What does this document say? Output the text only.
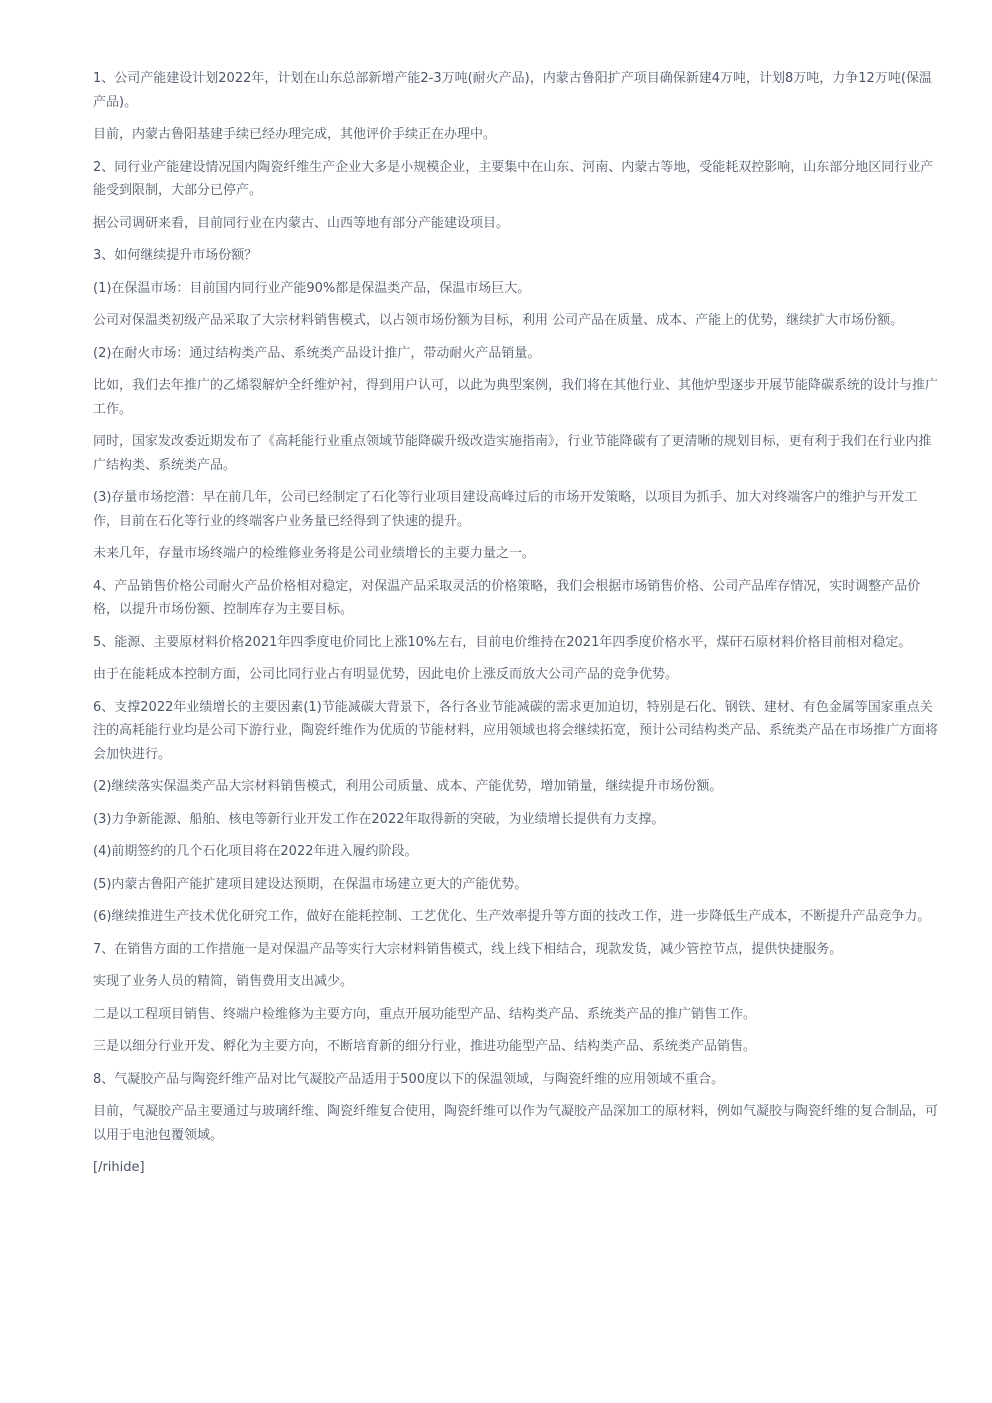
1、公司产能建设计划2022年，计划在山东总部新增产能2-3万吨(耐火产品)，内蒙古鲁阳扩产项目确保新建4万吨，计划8万吨，力争12万吨(保温产品)。

目前，内蒙古鲁阳基建手续已经办理完成，其他评价手续正在办理中。

2、同行业产能建设情况国内陶瓷纤维生产企业大多是小规模企业，主要集中在山东、河南、内蒙古等地，受能耗双控影响，山东部分地区同行业产能受到限制，大部分已停产。

据公司调研来看，目前同行业在内蒙古、山西等地有部分产能建设项目。

3、如何继续提升市场份额？

(1)在保温市场：目前国内同行业产能90%都是保温类产品，保温市场巨大。

公司对保温类初级产品采取了大宗材料销售模式，以占领市场份额为目标，利用 公司产品在质量、成本、产能上的优势，继续扩大市场份额。

(2)在耐火市场：通过结构类产品、系统类产品设计推广，带动耐火产品销量。

比如，我们去年推广的乙烯裂解炉全纤维炉衬，得到用户认可，以此为典型案例，我们将在其他行业、其他炉型逐步开展节能降碳系统的设计与推广工作。

同时，国家发改委近期发布了《高耗能行业重点领域节能降碳升级改造实施指南》，行业节能降碳有了更清晰的规划目标，更有利于我们在行业内推广结构类、系统类产品。

(3)存量市场挖潜：早在前几年，公司已经制定了石化等行业项目建设高峰过后的市场开发策略，以项目为抓手、加大对终端客户的维护与开发工作，目前在石化等行业的终端客户业务量已经得到了快速的提升。

未来几年，存量市场终端户的检维修业务将是公司业绩增长的主要力量之一。

4、产品销售价格公司耐火产品价格相对稳定，对保温产品采取灵活的价格策略，我们会根据市场销售价格、公司产品库存情况，实时调整产品价格，以提升市场份额、控制库存为主要目标。

5、能源、主要原材料价格2021年四季度电价同比上涨10%左右，目前电价维持在2021年四季度价格水平，煤矸石原材料价格目前相对稳定。

由于在能耗成本控制方面，公司比同行业占有明显优势，因此电价上涨反而放大公司产品的竞争优势。

6、支撑2022年业绩增长的主要因素(1)节能减碳大背景下，各行各业节能减碳的需求更加迫切，特别是石化、钢铁、建材、有色金属等国家重点关注的高耗能行业均是公司下游行业，陶瓷纤维作为优质的节能材料，应用领域也将会继续拓宽，预计公司结构类产品、系统类产品在市场推广方面将会加快进行。

(2)继续落实保温类产品大宗材料销售模式，利用公司质量、成本、产能优势，增加销量，继续提升市场份额。

(3)力争新能源、船舶、核电等新行业开发工作在2022年取得新的突破，为业绩增长提供有力支撑。

(4)前期签约的几个石化项目将在2022年进入履约阶段。

(5)内蒙古鲁阳产能扩建项目建设达预期，在保温市场建立更大的产能优势。

(6)继续推进生产技术优化研究工作，做好在能耗控制、工艺优化、生产效率提升等方面的技改工作，进一步降低生产成本，不断提升产品竞争力。

7、在销售方面的工作措施一是对保温产品等实行大宗材料销售模式，线上线下相结合，现款发货，减少管控节点，提供快捷服务。

实现了业务人员的精简，销售费用支出减少。

二是以工程项目销售、终端户检维修为主要方向，重点开展功能型产品、结构类产品、系统类产品的推广销售工作。

三是以细分行业开发、孵化为主要方向，不断培育新的细分行业，推进功能型产品、结构类产品、系统类产品销售。

8、气凝胶产品与陶瓷纤维产品对比气凝胶产品适用于500度以下的保温领域，与陶瓷纤维的应用领域不重合。

目前，气凝胶产品主要通过与玻璃纤维、陶瓷纤维复合使用，陶瓷纤维可以作为气凝胶产品深加工的原材料，例如气凝胶与陶瓷纤维的复合制品，可以用于电池包覆领域。

[/rihide]
